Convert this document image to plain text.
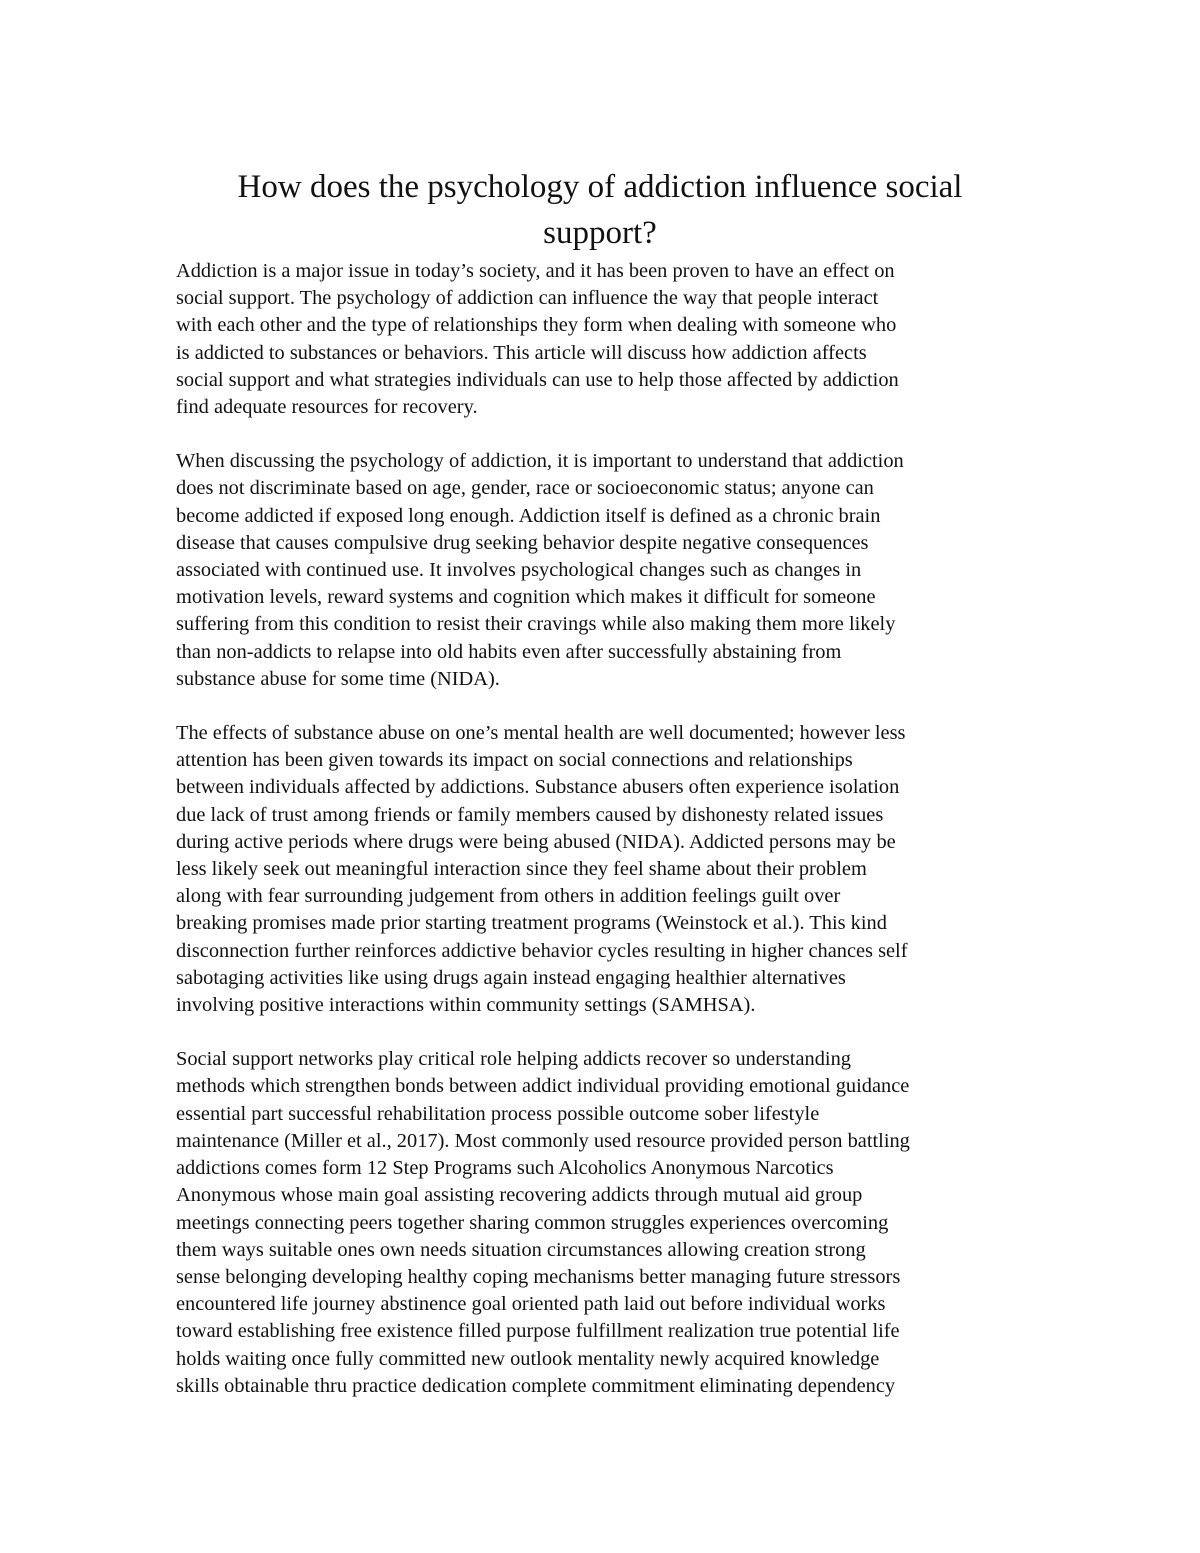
How does the psychology of addiction influence social
support?

Addiction is a major issue in today’s society, and it has been proven to have an effect on
social support. The psychology of addiction can influence the way that people interact
with each other and the type of relationships they form when dealing with someone who
is addicted to substances or behaviors. This article will discuss how addiction affects
social support and what strategies individuals can use to help those affected by addiction
find adequate resources for recovery.

When discussing the psychology of addiction, it is important to understand that addiction
does not discriminate based on age, gender, race or socioeconomic status; anyone can
become addicted if exposed long enough. Addiction itself is defined as a chronic brain
disease that causes compulsive drug seeking behavior despite negative consequences
associated with continued use. It involves psychological changes such as changes in
motivation levels, reward systems and cognition which makes it difficult for someone
suffering from this condition to resist their cravings while also making them more likely
than non-addicts to relapse into old habits even after successfully abstaining from
substance abuse for some time (NIDA).

The effects of substance abuse on one’s mental health are well documented; however less
attention has been given towards its impact on social connections and relationships
between individuals affected by addictions. Substance abusers often experience isolation
due lack of trust among friends or family members caused by dishonesty related issues
during active periods where drugs were being abused (NIDA). Addicted persons may be
less likely seek out meaningful interaction since they feel shame about their problem
along with fear surrounding judgement from others in addition feelings guilt over
breaking promises made prior starting treatment programs (Weinstock et al.). This kind
disconnection further reinforces addictive behavior cycles resulting in higher chances self
sabotaging activities like using drugs again instead engaging healthier alternatives
involving positive interactions within community settings (SAMHSA).

Social support networks play critical role helping addicts recover so understanding
methods which strengthen bonds between addict individual providing emotional guidance
essential part successful rehabilitation process possible outcome sober lifestyle
maintenance (Miller et al., 2017). Most commonly used resource provided person battling
addictions comes form 12 Step Programs such Alcoholics Anonymous Narcotics
Anonymous whose main goal assisting recovering addicts through mutual aid group
meetings connecting peers together sharing common struggles experiences overcoming
them ways suitable ones own needs situation circumstances allowing creation strong
sense belonging developing healthy coping mechanisms better managing future stressors
encountered life journey abstinence goal oriented path laid out before individual works
toward establishing free existence filled purpose fulfillment realization true potential life
holds waiting once fully committed new outlook mentality newly acquired knowledge
skills obtainable thru practice dedication complete commitment eliminating dependency
